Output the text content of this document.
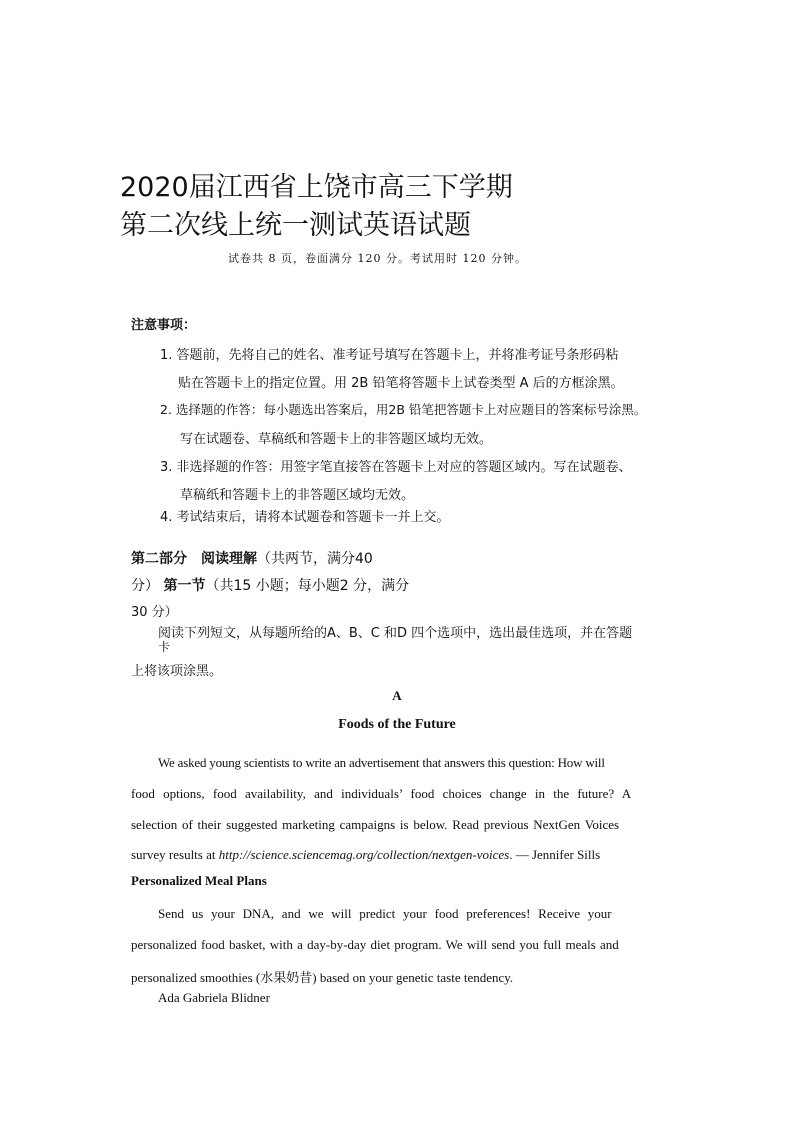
2020届江西省上饶市高三下学期
第二次线上统一测试英语试题
试卷共 8 页，卷面满分 120 分。考试用时 120 分钟。
注意事项：
1. 答题前，先将自己的姓名、准考证号填写在答题卡上，并将准考证号条形码粘
贴在答题卡上的指定位置。用 2B 铅笔将答题卡上试卷类型 A 后的方框涂黑。
2. 选择题的作答：每小题选出答案后，用2B 铅笔把答题卡上对应题目的答案标号涂黑。
写在试题卷、草稿纸和答题卡上的非答题区域均无效。
3. 非选择题的作答：用签字笔直接答在答题卡上对应的答题区域内。写在试题卷、
草稿纸和答题卡上的非答题区域均无效。
4. 考试结束后，请将本试题卷和答题卡一并上交。
第二部分　阅读理解（共两节，满分40
分） 第一节（共15 小题；每小题2 分，满分
30 分）
阅读下列短文，从每题所给的A、B、C 和D 四个选项中，选出最佳选项，并在答题
卡
上将该项涂黑。
A
Foods of the Future
We asked young scientists to write an advertisement that answers this question: How will
food options, food availability, and individuals’ food choices change in the future? A
selection of their suggested marketing campaigns is below. Read previous NextGen Voices
survey results at http://science.sciencemag.org/collection/nextgen-voices. — Jennifer Sills
Personalized Meal Plans
Send us your DNA, and we will predict your food preferences! Receive your
personalized food basket, with a day-by-day diet program. We will send you full meals and
personalized smoothies (水果奶昔) based on your genetic taste tendency.
Ada Gabriela Blidner
